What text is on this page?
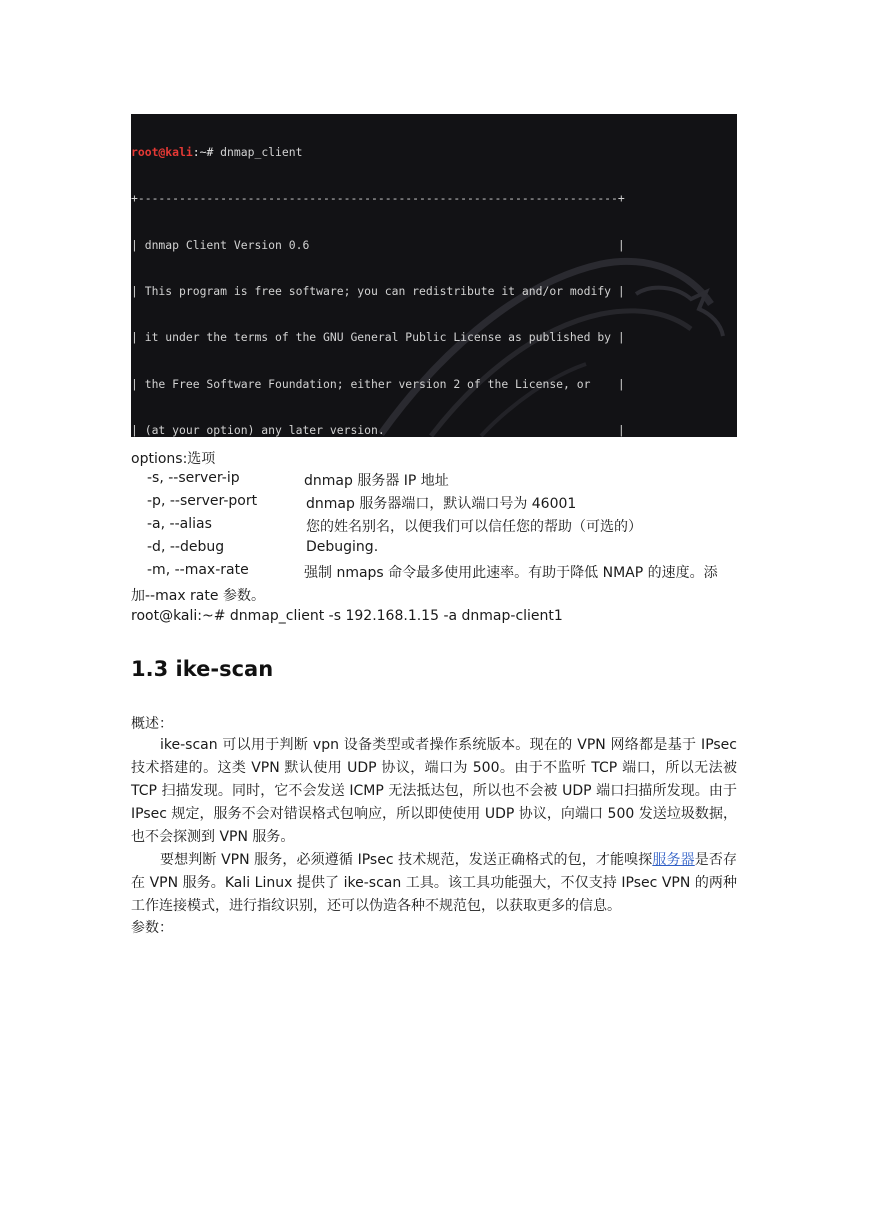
root@kali:~# dnmap_client

+----------------------------------------------------------------------+

| dnmap Client Version 0.6                                             |

| This program is free software; you can redistribute it and/or modify |

| it under the terms of the GNU General Public License as published by |

| the Free Software Foundation; either version 2 of the License, or    |

| (at your option) any later version.                                  |

options:选项
-s, --server-ip	dnmap 服务器 IP 地址
-p, --server-port	dnmap 服务器端口，默认端口号为 46001
-a, --alias	您的姓名别名，以便我们可以信任您的帮助（可选的）
-d, --debug	Debuging.
-m, --max-rate	强制 nmaps 命令最多使用此速率。有助于降低 NMAP 的速度。添
加--max rate 参数。
root@kali:~# dnmap_client -s 192.168.1.15 -a dnmap-client1
1.3 ike-scan
概述：

ike-scan 可以用于判断 vpn 设备类型或者操作系统版本。现在的 VPN 网络都是基于 IPsec 技术搭建的。这类 VPN 默认使用 UDP 协议，端口为 500。由于不监听 TCP 端口，所以无法被 TCP 扫描发现。同时，它不会发送 ICMP 无法抵达包，所以也不会被 UDP 端口扫描所发现。由于 IPsec 规定，服务不会对错误格式包响应，所以即使使用 UDP 协议，向端口 500 发送垃圾数据，也不会探测到 VPN 服务。

要想判断 VPN 服务，必须遵循 IPsec 技术规范，发送正确格式的包，才能嗅探服务器是否存在 VPN 服务。Kali Linux 提供了 ike-scan 工具。该工具功能强大，不仅支持 IPsec VPN 的两种工作连接模式，进行指纹识别，还可以伪造各种不规范包，以获取更多的信息。

参数：
